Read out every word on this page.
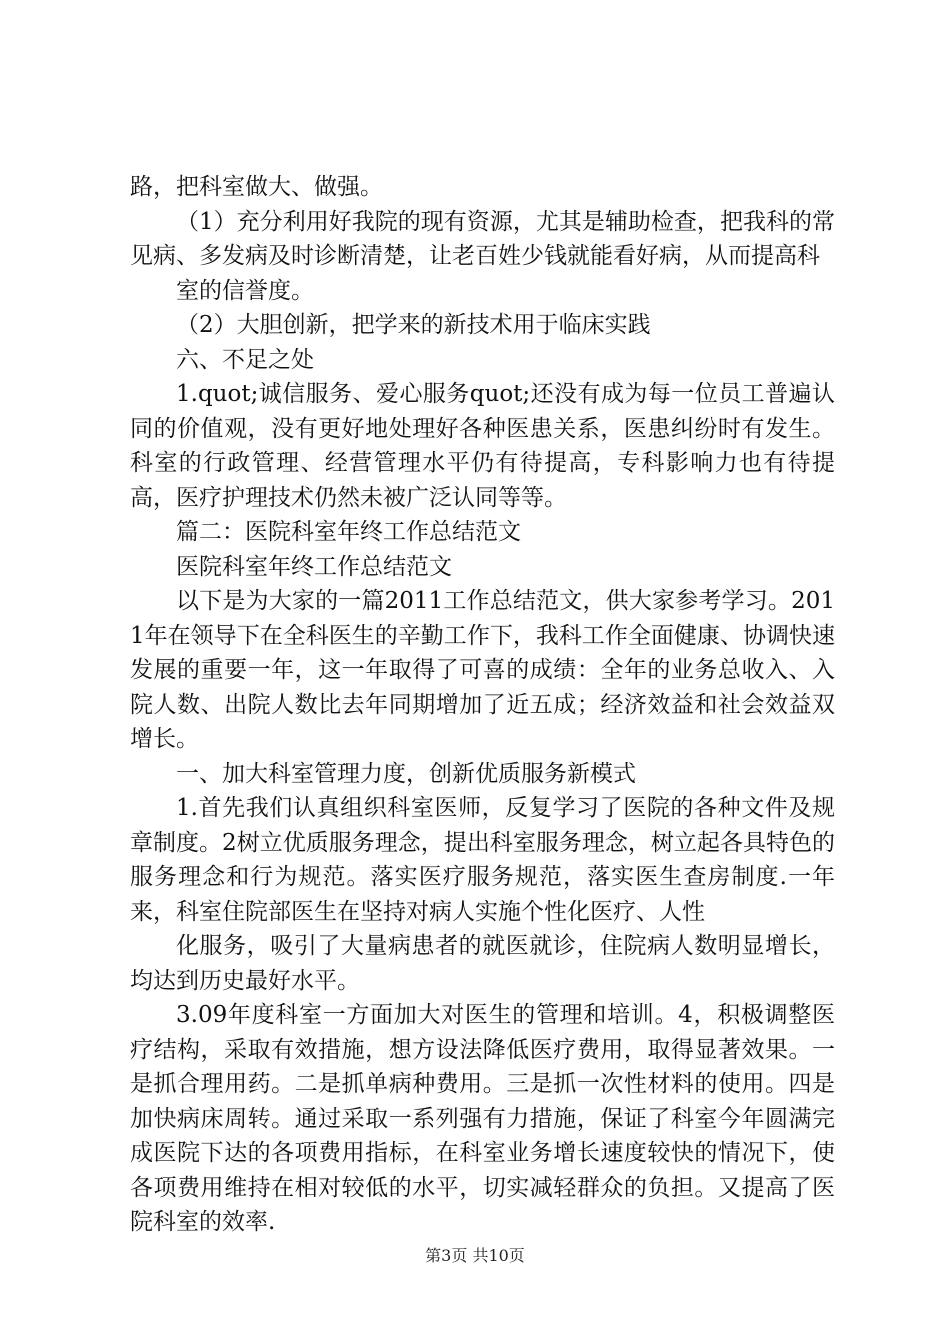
路，把科室做大、做强。

（1）充分利用好我院的现有资源，尤其是辅助检查，把我科的常见病、多发病及时诊断清楚，让老百姓少钱就能看好病，从而提高科

室的信誉度。

（2）大胆创新，把学来的新技术用于临床实践

六、不足之处

1.quot;诚信服务、爱心服务quot;还没有成为每一位员工普遍认同的价值观，没有更好地处理好各种医患关系，医患纠纷时有发生。科室的行政管理、经营管理水平仍有待提高，专科影响力也有待提高，医疗护理技术仍然未被广泛认同等等。

篇二：医院科室年终工作总结范文

医院科室年终工作总结范文

以下是为大家的一篇2011工作总结范文，供大家参考学习。2011年在领导下在全科医生的辛勤工作下，我科工作全面健康、协调快速发展的重要一年，这一年取得了可喜的成绩：全年的业务总收入、入院人数、出院人数比去年同期增加了近五成；经济效益和社会效益双增长。

一、加大科室管理力度，创新优质服务新模式

1.首先我们认真组织科室医师，反复学习了医院的各种文件及规章制度。2树立优质服务理念，提出科室服务理念，树立起各具特色的服务理念和行为规范。落实医疗服务规范，落实医生查房制度.一年来，科室住院部医生在坚持对病人实施个性化医疗、人性

化服务，吸引了大量病患者的就医就诊，住院病人数明显增长，均达到历史最好水平。

3.09年度科室一方面加大对医生的管理和培训。4，积极调整医疗结构，采取有效措施，想方设法降低医疗费用，取得显著效果。一是抓合理用药。二是抓单病种费用。三是抓一次性材料的使用。四是加快病床周转。通过采取一系列强有力措施，保证了科室今年圆满完成医院下达的各项费用指标，在科室业务增长速度较快的情况下，使各项费用维持在相对较低的水平，切实减轻群众的负担。又提高了医院科室的效率.

第3页 共10页
